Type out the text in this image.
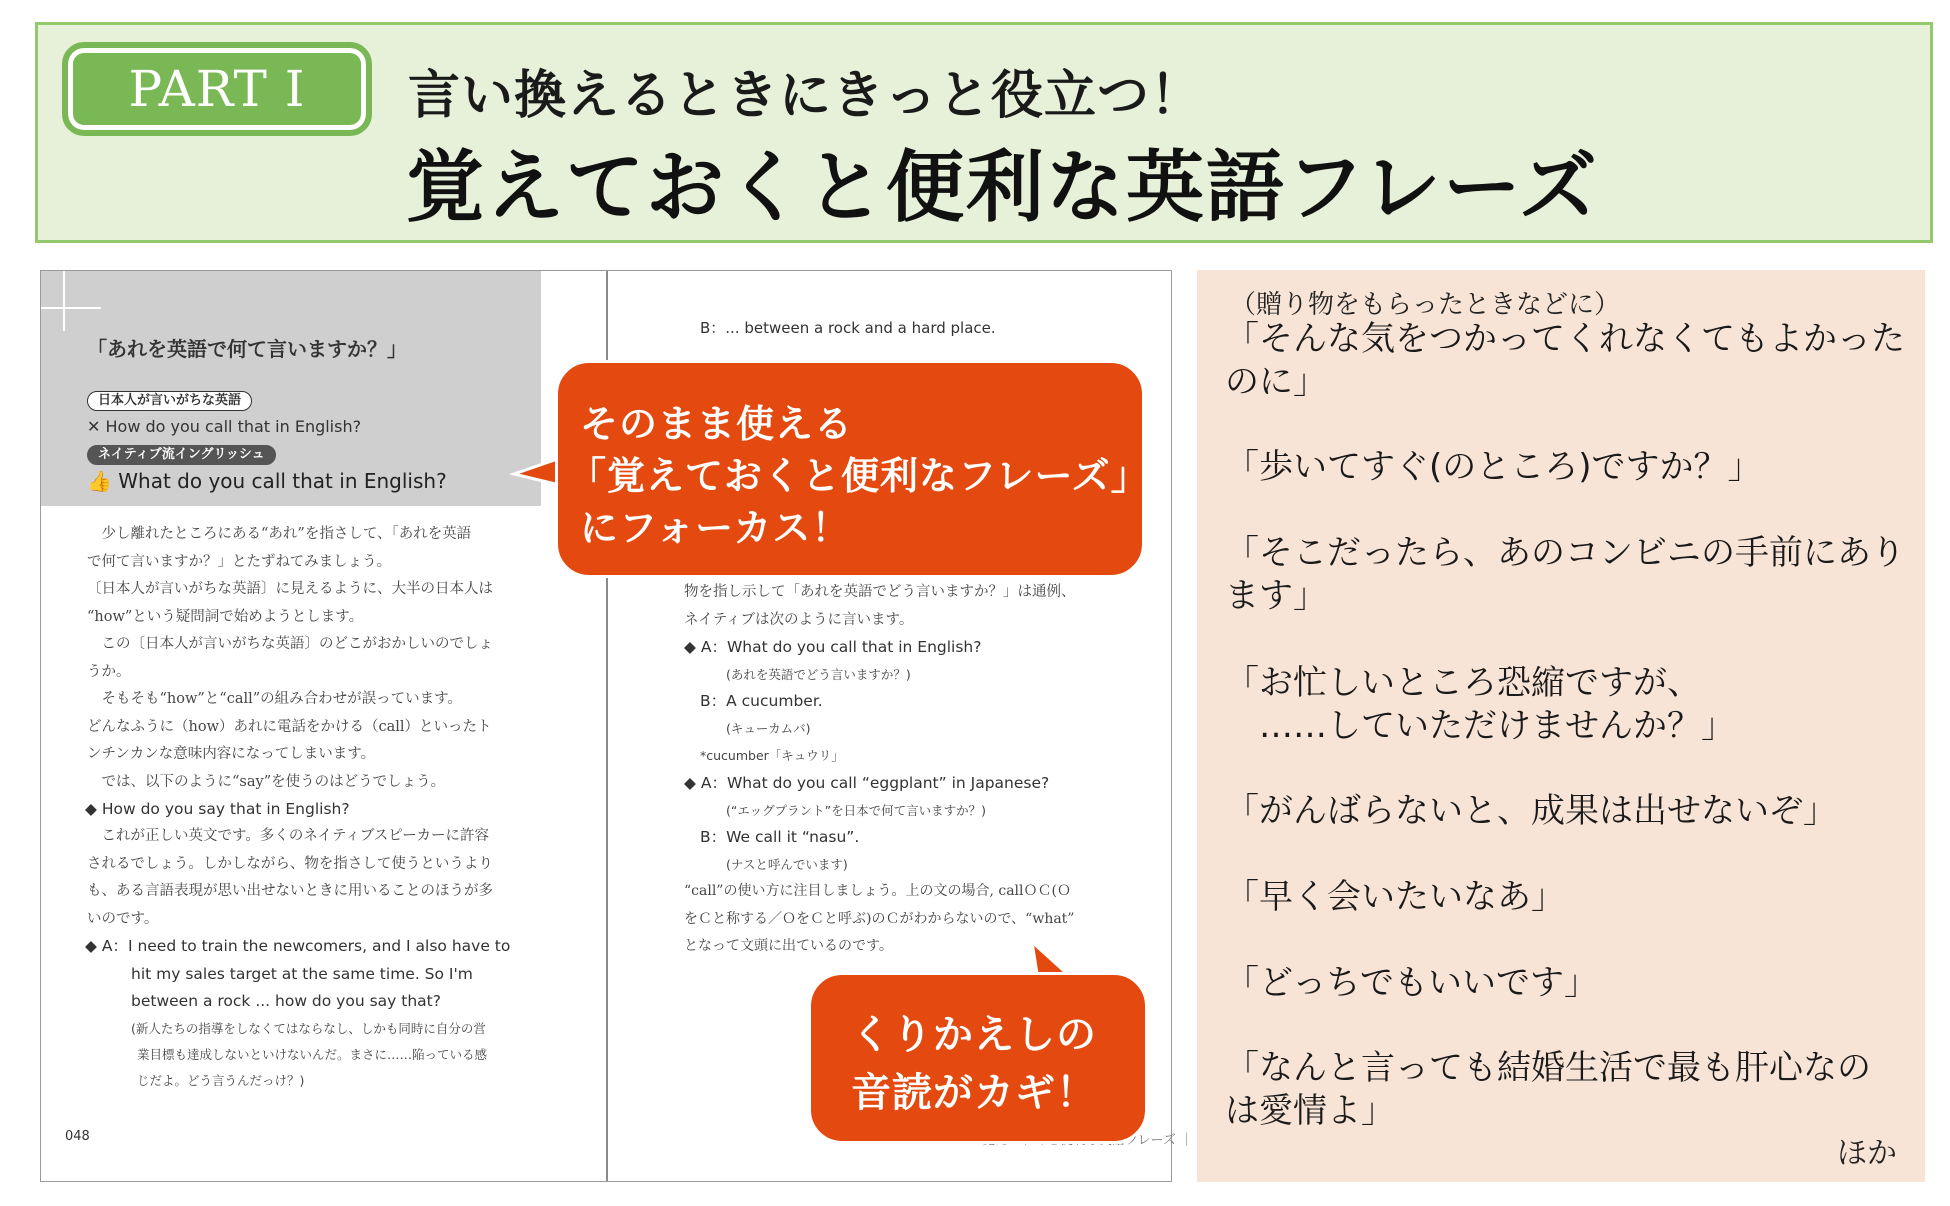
PART Ⅰ	言い換えるときにきっと役立つ！
覚えておくと便利な英語フレーズ
「あれを英語で何て言いますか？」
日本人が言いがちな英語
✕ How do you call that in English?
ネイティブ流イングリッシュ
👍 What do you call that in English?
　少し離れたところにある“あれ”を指さして、「あれを英語
で何て言いますか？」とたずねてみましょう。
〔日本人が言いがちな英語〕に見えるように、大半の日本人は
“how”という疑問詞で始めようとします。
　この〔日本人が言いがちな英語〕のどこがおかしいのでしょ
うか。
　そもそも“how”と“call”の組み合わせが誤っています。
どんなふうに（how）あれに電話をかける（call）といったト
ンチンカンな意味内容になってしまいます。
　では、以下のように“say”を使うのはどうでしょう。
◆ How do you say that in English?
　これが正しい英文です。多くのネイティブスピーカーに許容
されるでしょう。しかしながら、物を指さして使うというより
も、ある言語表現が思い出せないときに用いることのほうが多
いのです。
◆ A：I need to train the newcomers, and I also have to
hit my sales target at the same time. So I'm
between a rock ... how do you say that?
(新人たちの指導をしなくてはならなし、しかも同時に自分の営
業目標も達成しないといけないんだ。まさに……陥っている感
じだよ。どう言うんだっけ？)
048
B：... between a rock and a hard place.
物を指し示して「あれを英語でどう言いますか？」は通例、
ネイティブは次のように言います。
◆ A：What do you call that in English?
(あれを英語でどう言いますか？)
B：A cucumber.
(キューカムバ)
*cucumber「キュウリ」
◆ A：What do you call “eggplant” in Japanese?
(“エッグプラント”を日本で何て言いますか？)
B：We call it “nasu”.
(ナスと呼んでいます)
“call”の使い方に注目しましょう。上の文の場合, callＯＣ(Ｏ
をＣと称する／ＯをＣと呼ぶ)のＣがわからないので、“what”
となって文頭に出ているのです。
｜
そのまま使える
「覚えておくと便利なフレーズ」
にフォーカス！
くりかえしの
音読がカギ！
（贈り物をもらったときなどに）
「そんな気をつかってくれなくてもよかった
のに」
「歩いてすぐ(のところ)ですか？」
「そこだったら、あのコンビニの手前にあり
ます」
「お忙しいところ恐縮ですが、
　……していただけませんか？」
「がんばらないと、成果は出せないぞ」
「早く会いたいなあ」
「どっちでもいいです」
「なんと言っても結婚生活で最も肝心なの
は愛情よ」
ほか
